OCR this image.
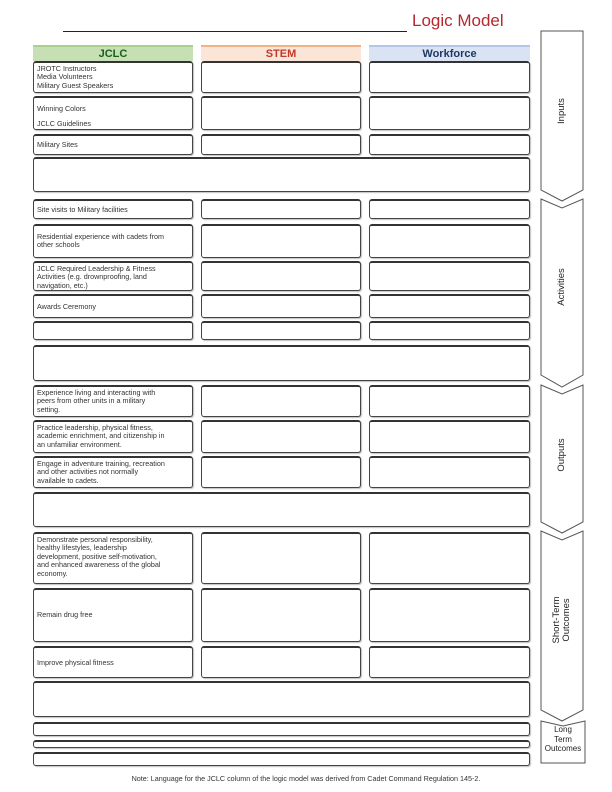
Logic Model
JCLC	STEM	Workforce
JROTC Instructors
Media Volunteers
Military Guest Speakers
Winning Colors
JCLC Guidelines
Military Sites
Site visits to Military facilities
Residential experience with cadets from
other schools
JCLC Required Leadership & Fitness
Activities (e.g. drownproofing, land
navigation, etc.)
Awards Ceremony
Experience living and interacting with
peers from other units in a military
setting.
Practice leadership, physical fitness,
academic enrichment, and citizenship in
an unfamiliar environment.
Engage in adventure training, recreation
and other activities not normally
available to cadets.
Demonstrate personal responsibility,
healthy lifestyles, leadership
development, positive self-motivation,
and enhanced awareness of the global
economy.
Remain drug free
Improve physical fitness
Inputs
Activities
Outputs
Short-Term Outcomes
Long
Term
Outcomes
Note: Language for the JCLC column of the logic model was derived from Cadet Command Regulation 145-2.
